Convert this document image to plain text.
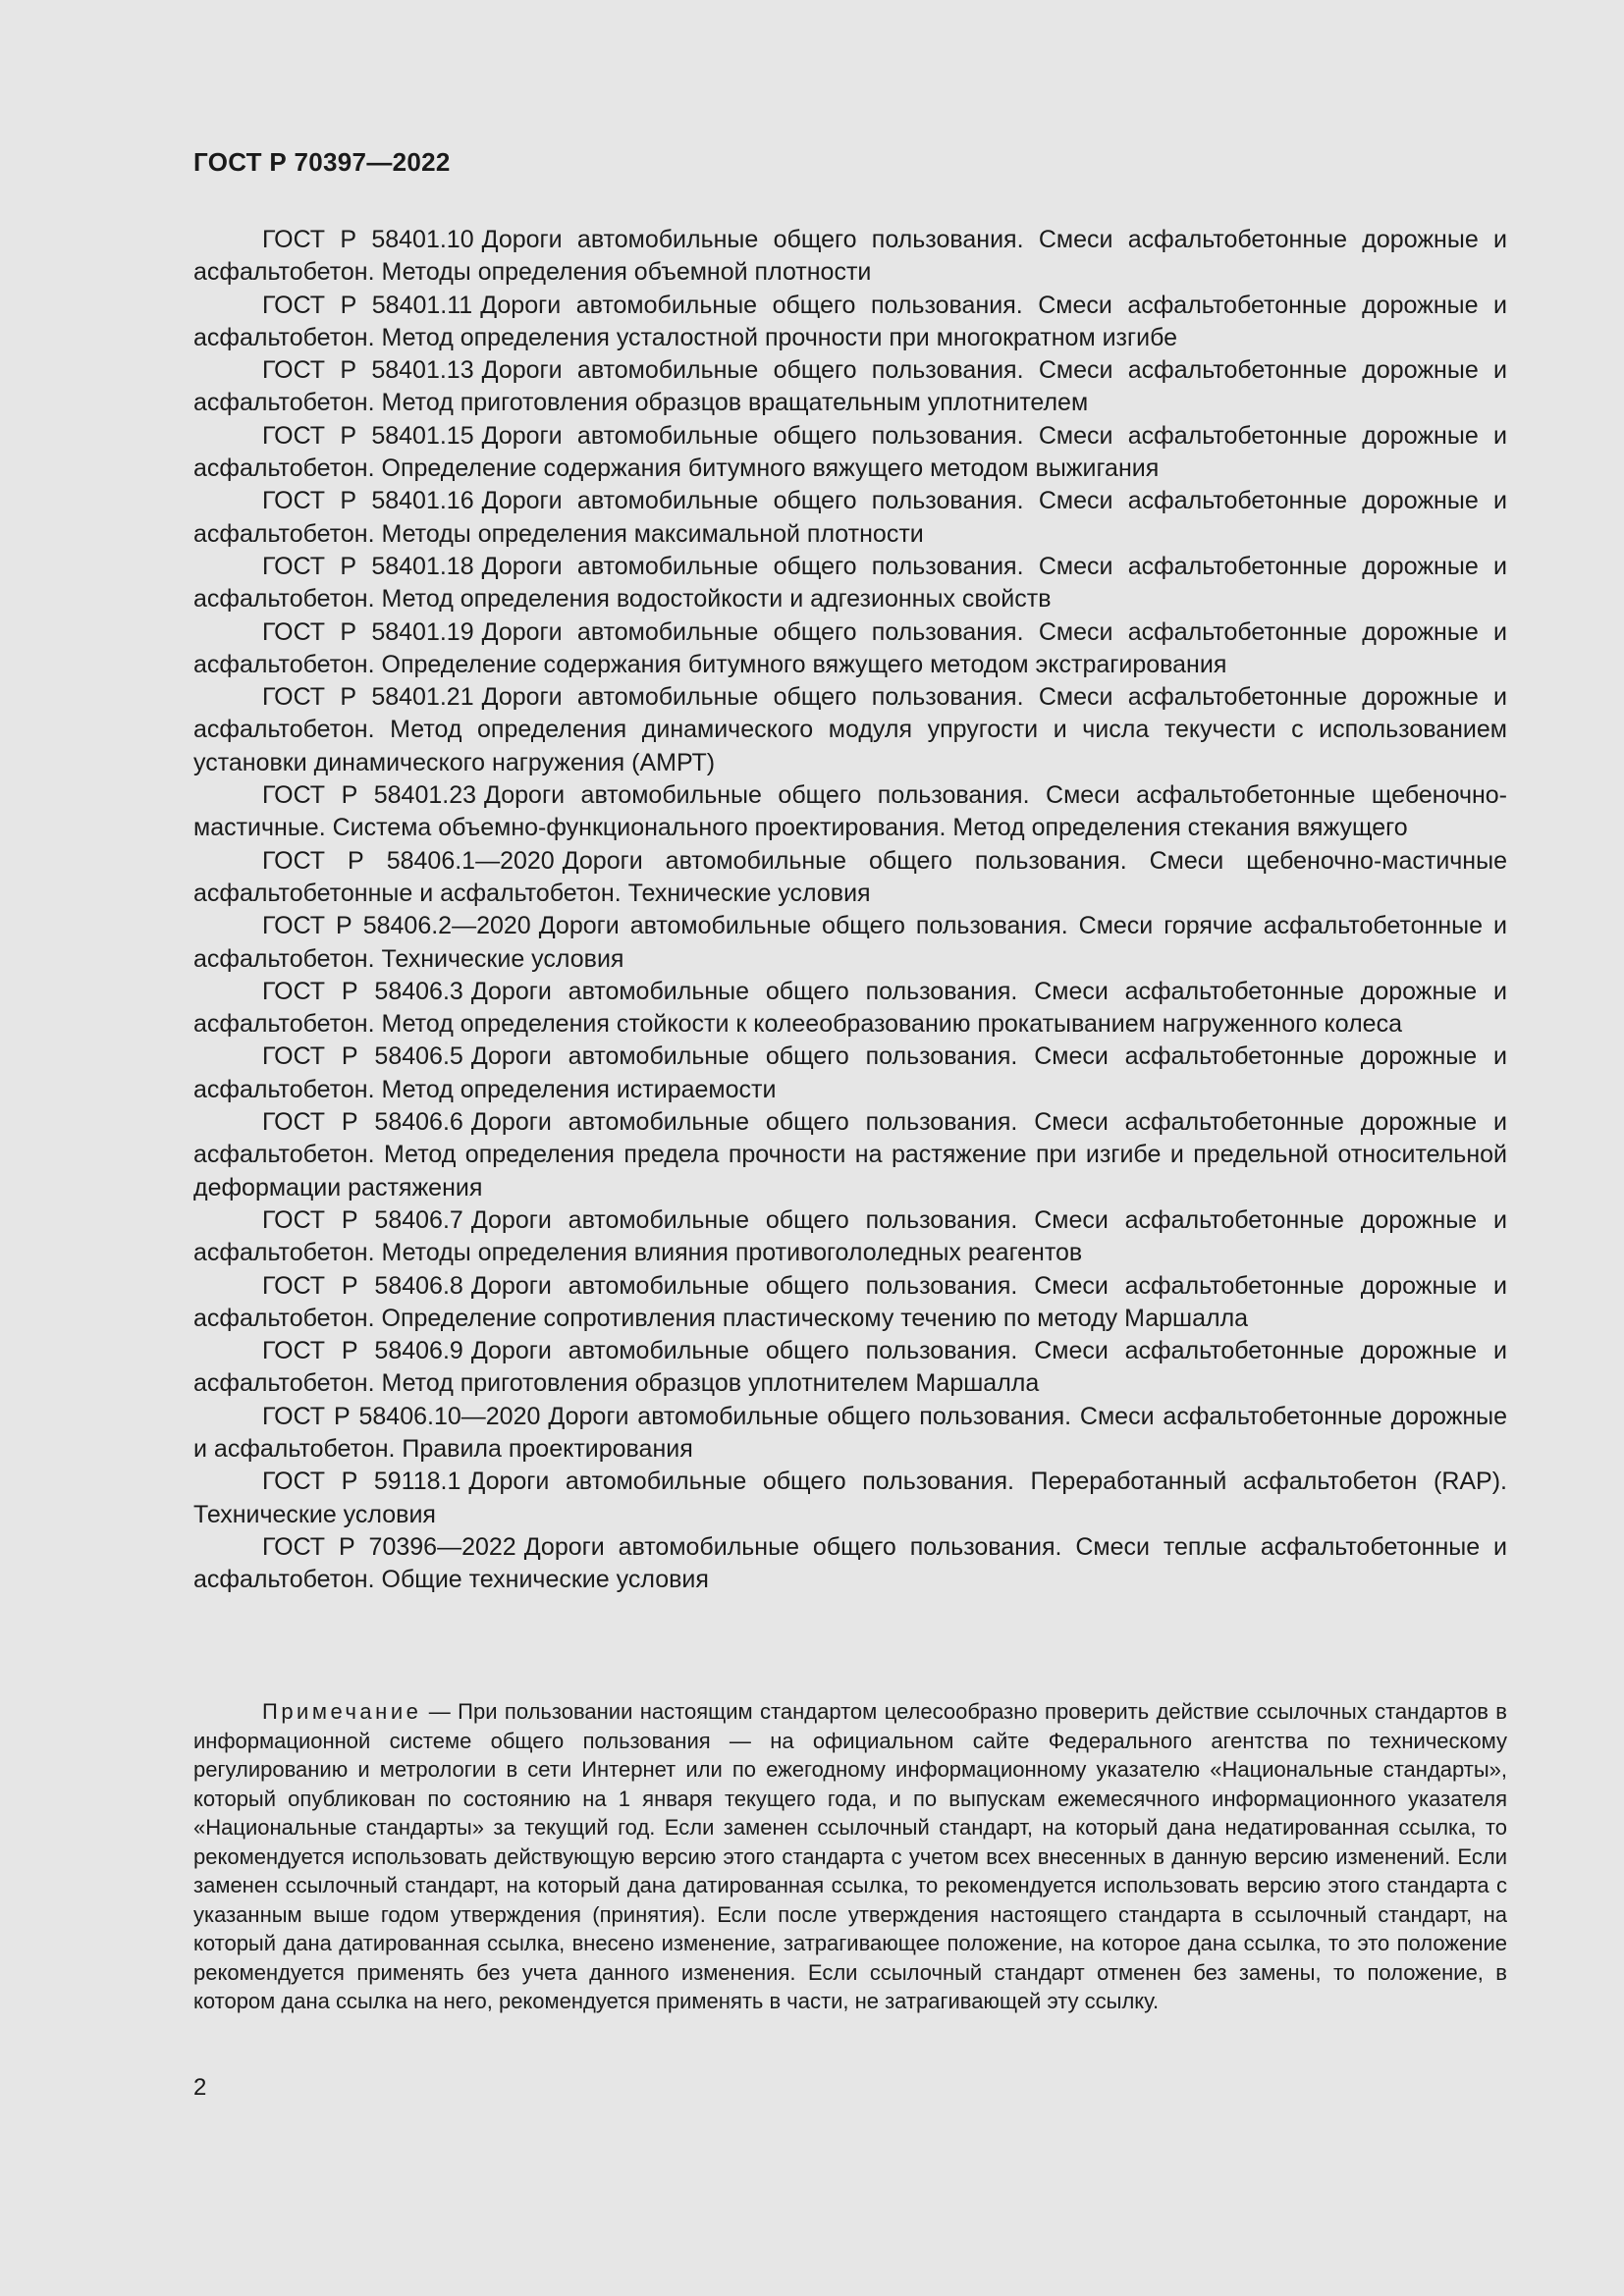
ГОСТ Р 70397—2022

ГОСТ Р 58401.10 Дороги автомобильные общего пользования. Смеси асфальтобетонные дорожные и асфальтобетон. Методы определения объемной плотности

ГОСТ Р 58401.11 Дороги автомобильные общего пользования. Смеси асфальтобетонные дорожные и асфальтобетон. Метод определения усталостной прочности при многократном изгибе

ГОСТ Р 58401.13 Дороги автомобильные общего пользования. Смеси асфальтобетонные дорожные и асфальтобетон. Метод приготовления образцов вращательным уплотнителем

ГОСТ Р 58401.15 Дороги автомобильные общего пользования. Смеси асфальтобетонные дорожные и асфальтобетон. Определение содержания битумного вяжущего методом выжигания

ГОСТ Р 58401.16 Дороги автомобильные общего пользования. Смеси асфальтобетонные дорожные и асфальтобетон. Методы определения максимальной плотности

ГОСТ Р 58401.18 Дороги автомобильные общего пользования. Смеси асфальтобетонные дорожные и асфальтобетон. Метод определения водостойкости и адгезионных свойств

ГОСТ Р 58401.19 Дороги автомобильные общего пользования. Смеси асфальтобетонные дорожные и асфальтобетон. Определение содержания битумного вяжущего методом экстрагирования

ГОСТ Р 58401.21 Дороги автомобильные общего пользования. Смеси асфальтобетонные дорожные и асфальтобетон. Метод определения динамического модуля упругости и числа текучести с использованием установки динамического нагружения (АМРТ)

ГОСТ Р 58401.23 Дороги автомобильные общего пользования. Смеси асфальтобетонные щебеночно-мастичные. Система объемно-функционального проектирования. Метод определения стекания вяжущего

ГОСТ Р 58406.1—2020 Дороги автомобильные общего пользования. Смеси щебеночно-мастичные асфальтобетонные и асфальтобетон. Технические условия

ГОСТ Р 58406.2—2020 Дороги автомобильные общего пользования. Смеси горячие асфальтобетонные и асфальтобетон. Технические условия

ГОСТ Р 58406.3 Дороги автомобильные общего пользования. Смеси асфальтобетонные дорожные и асфальтобетон. Метод определения стойкости к колееобразованию прокатыванием нагруженного колеса

ГОСТ Р 58406.5 Дороги автомобильные общего пользования. Смеси асфальтобетонные дорожные и асфальтобетон. Метод определения истираемости

ГОСТ Р 58406.6 Дороги автомобильные общего пользования. Смеси асфальтобетонные дорожные и асфальтобетон. Метод определения предела прочности на растяжение при изгибе и предельной относительной деформации растяжения

ГОСТ Р 58406.7 Дороги автомобильные общего пользования. Смеси асфальтобетонные дорожные и асфальтобетон. Методы определения влияния противогололедных реагентов

ГОСТ Р 58406.8 Дороги автомобильные общего пользования. Смеси асфальтобетонные дорожные и асфальтобетон. Определение сопротивления пластическому течению по методу Маршалла

ГОСТ Р 58406.9 Дороги автомобильные общего пользования. Смеси асфальтобетонные дорожные и асфальтобетон. Метод приготовления образцов уплотнителем Маршалла

ГОСТ Р 58406.10—2020 Дороги автомобильные общего пользования. Смеси асфальтобетонные дорожные и асфальтобетон. Правила проектирования

ГОСТ Р 59118.1 Дороги автомобильные общего пользования. Переработанный асфальтобетон (RAP). Технические условия

ГОСТ Р 70396—2022 Дороги автомобильные общего пользования. Смеси теплые асфальтобетонные и асфальтобетон. Общие технические условия

Примечание — При пользовании настоящим стандартом целесообразно проверить действие ссылочных стандартов в информационной системе общего пользования — на официальном сайте Федерального агентства по техническому регулированию и метрологии в сети Интернет или по ежегодному информационному указателю «Национальные стандарты», который опубликован по состоянию на 1 января текущего года, и по выпускам ежемесячного информационного указателя «Национальные стандарты» за текущий год. Если заменен ссылочный стандарт, на который дана недатированная ссылка, то рекомендуется использовать действующую версию этого стандарта с учетом всех внесенных в данную версию изменений. Если заменен ссылочный стандарт, на который дана датированная ссылка, то рекомендуется использовать версию этого стандарта с указанным выше годом утверждения (принятия). Если после утверждения настоящего стандарта в ссылочный стандарт, на который дана датированная ссылка, внесено изменение, затрагивающее положение, на которое дана ссылка, то это положение рекомендуется применять без учета данного изменения. Если ссылочный стандарт отменен без замены, то положение, в котором дана ссылка на него, рекомендуется применять в части, не затрагивающей эту ссылку.

2
